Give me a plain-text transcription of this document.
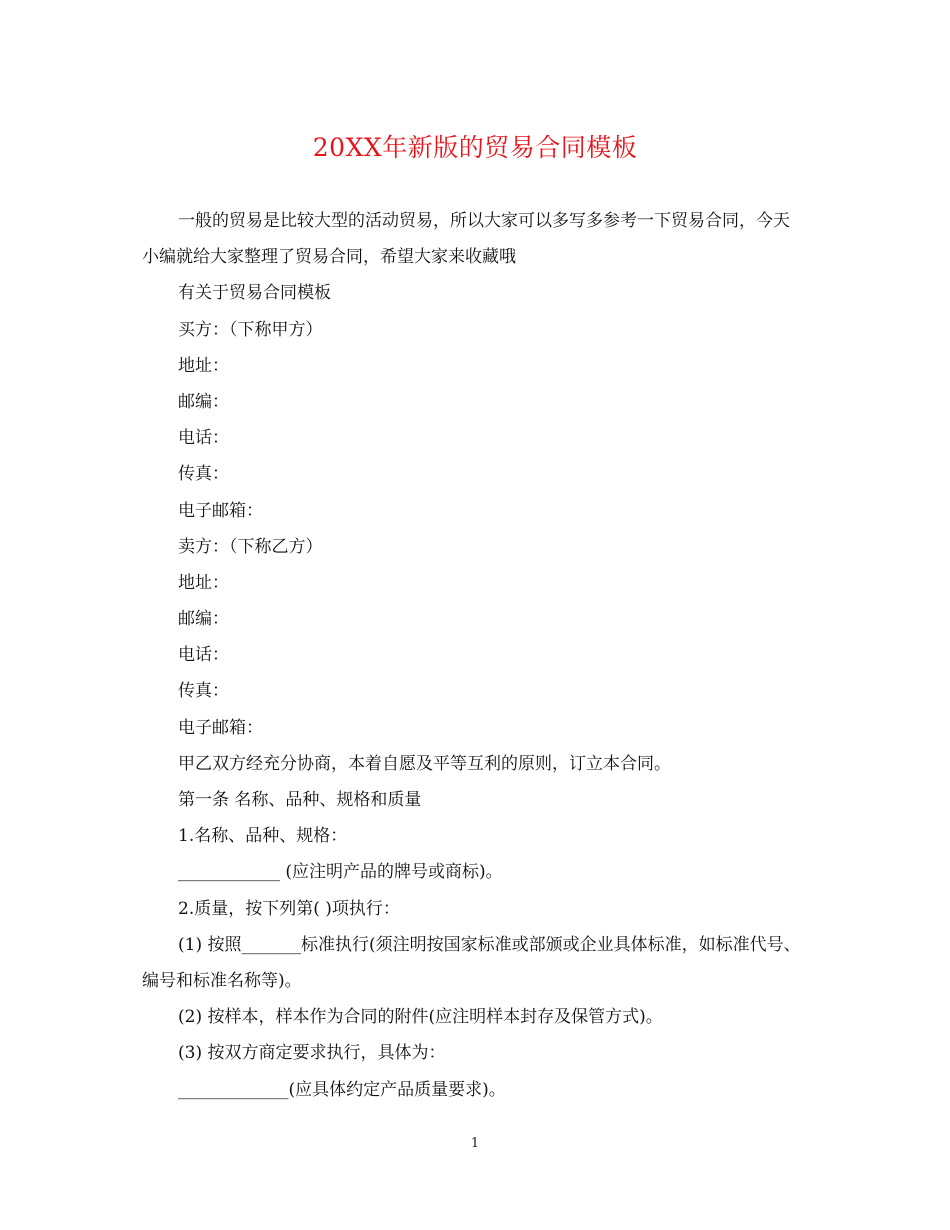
20XX年新版的贸易合同模板
一般的贸易是比较大型的活动贸易，所以大家可以多写多参考一下贸易合同，今天小编就给大家整理了贸易合同，希望大家来收藏哦
有关于贸易合同模板
买方：（下称甲方）
地址：
邮编：
电话：
传真：
电子邮箱：
卖方：（下称乙方）
地址：
邮编：
电话：
传真：
电子邮箱：
甲乙双方经充分协商，本着自愿及平等互利的原则，订立本合同。
第一条 名称、品种、规格和质量
1.名称、品种、规格：
____________ (应注明产品的牌号或商标)。
2.质量，按下列第( )项执行：
(1) 按照_______标准执行(须注明按国家标准或部颁或企业具体标准，如标准代号、编号和标准名称等)。
(2) 按样本，样本作为合同的附件(应注明样本封存及保管方式)。
(3) 按双方商定要求执行，具体为：
_____________(应具体约定产品质量要求)。
1
